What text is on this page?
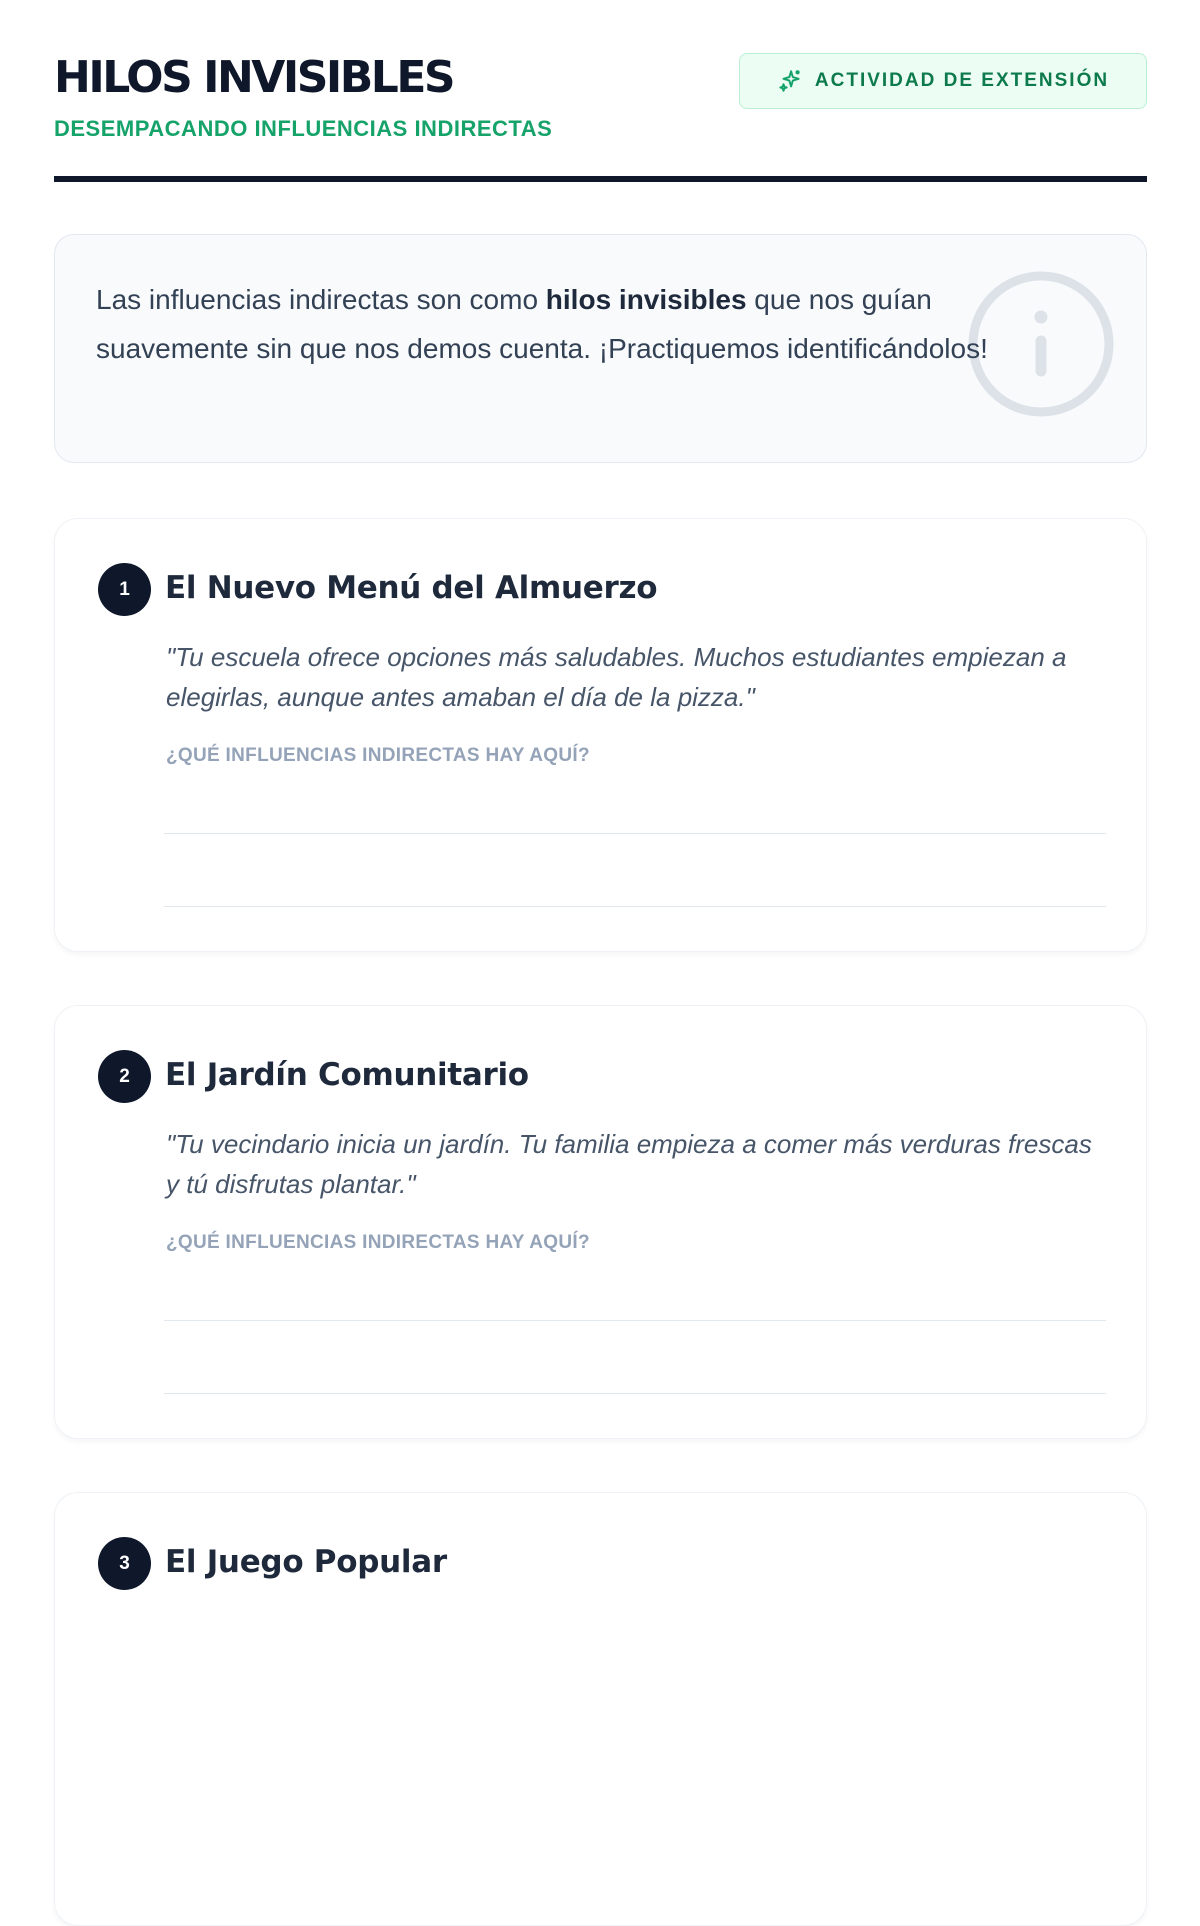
HILOS INVISIBLES

DESEMPACANDO INFLUENCIAS INDIRECTAS

ACTIVIDAD DE EXTENSIÓN

Las influencias indirectas son como hilos invisibles que nos guían suavemente sin que nos demos cuenta. ¡Practiquemos identificándolos!

1	El Nuevo Menú del Almuerzo

"Tu escuela ofrece opciones más saludables. Muchos estudiantes empiezan a elegirlas, aunque antes amaban el día de la pizza."

¿QUÉ INFLUENCIAS INDIRECTAS HAY AQUÍ?

2	El Jardín Comunitario

"Tu vecindario inicia un jardín. Tu familia empieza a comer más verduras frescas y tú disfrutas plantar."

¿QUÉ INFLUENCIAS INDIRECTAS HAY AQUÍ?

3	El Juego Popular
